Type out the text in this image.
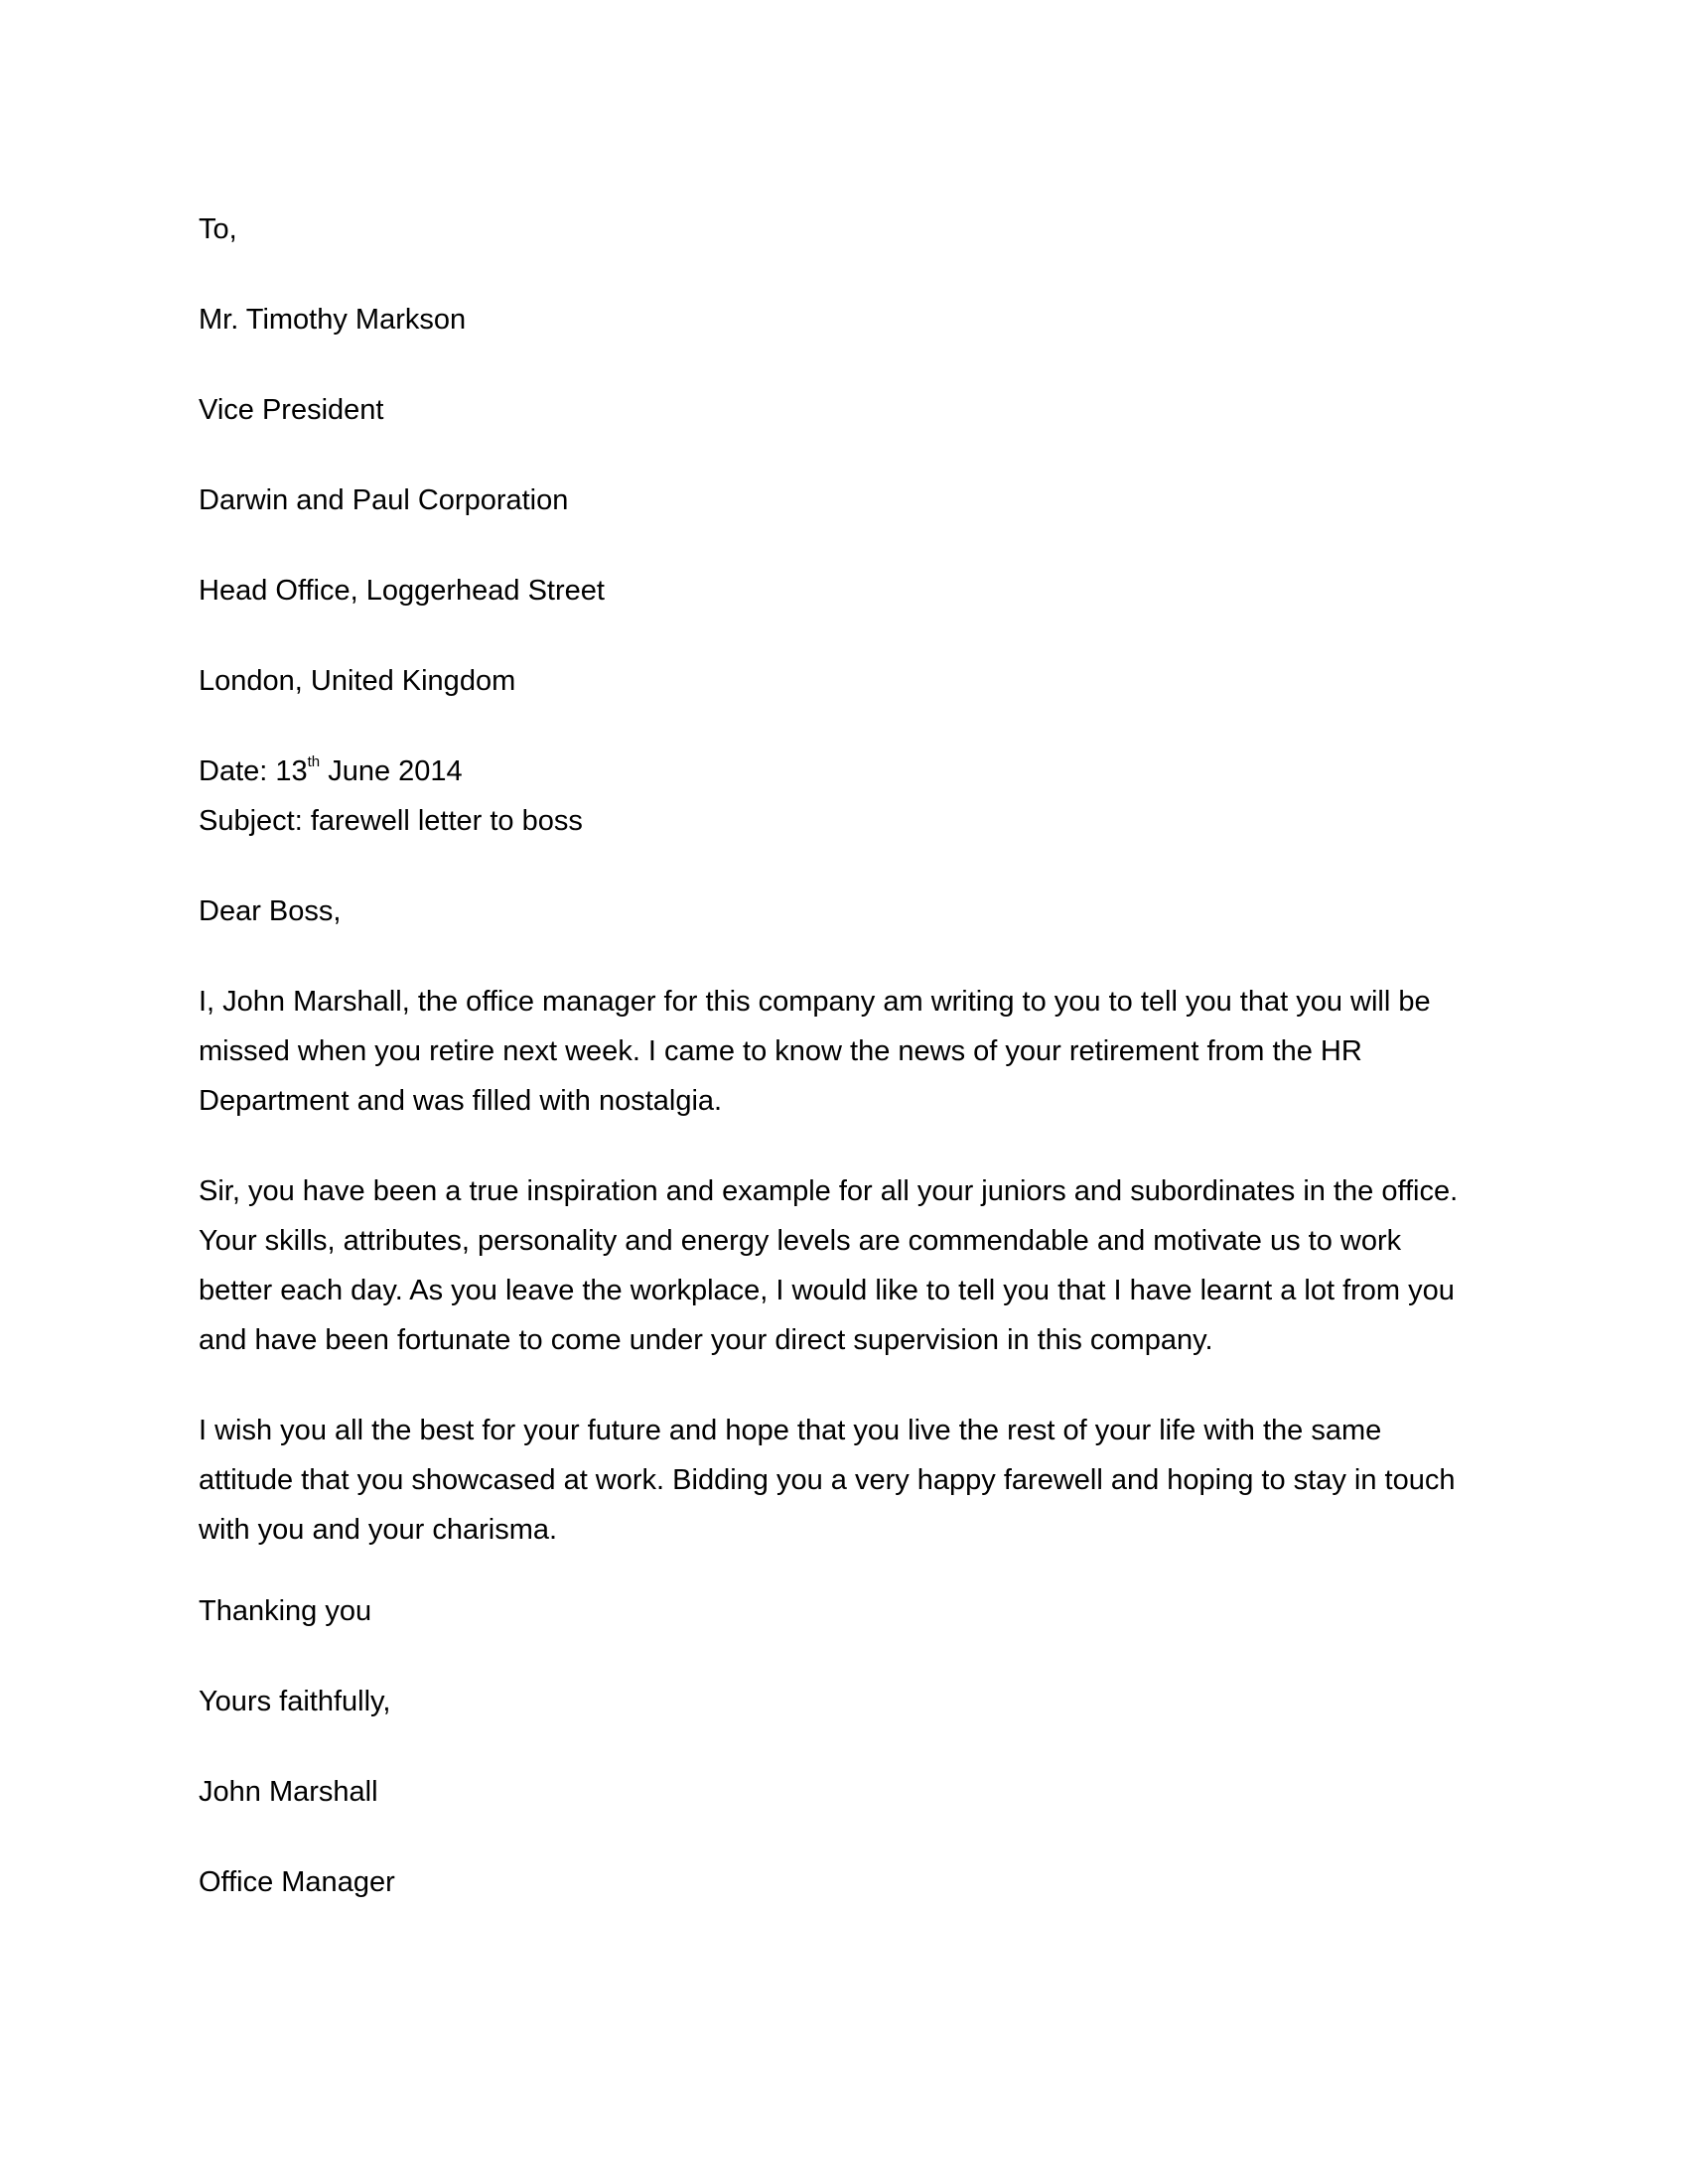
To,

Mr. Timothy Markson

Vice President

Darwin and Paul Corporation

Head Office, Loggerhead Street

London, United Kingdom

Date: 13th June 2014

Subject: farewell letter to boss

Dear Boss,

I, John Marshall, the office manager for this company am writing to you to tell you that you will be
missed when you retire next week. I came to know the news of your retirement from the HR
Department and was filled with nostalgia.
Sir, you have been a true inspiration and example for all your juniors and subordinates in the office.
Your skills, attributes, personality and energy levels are commendable and motivate us to work
better each day. As you leave the workplace, I would like to tell you that I have learnt a lot from you
and have been fortunate to come under your direct supervision in this company.
I wish you all the best for your future and hope that you live the rest of your life with the same
attitude that you showcased at work. Bidding you a very happy farewell and hoping to stay in touch
with you and your charisma.

Thanking you

Yours faithfully,

John Marshall

Office Manager
